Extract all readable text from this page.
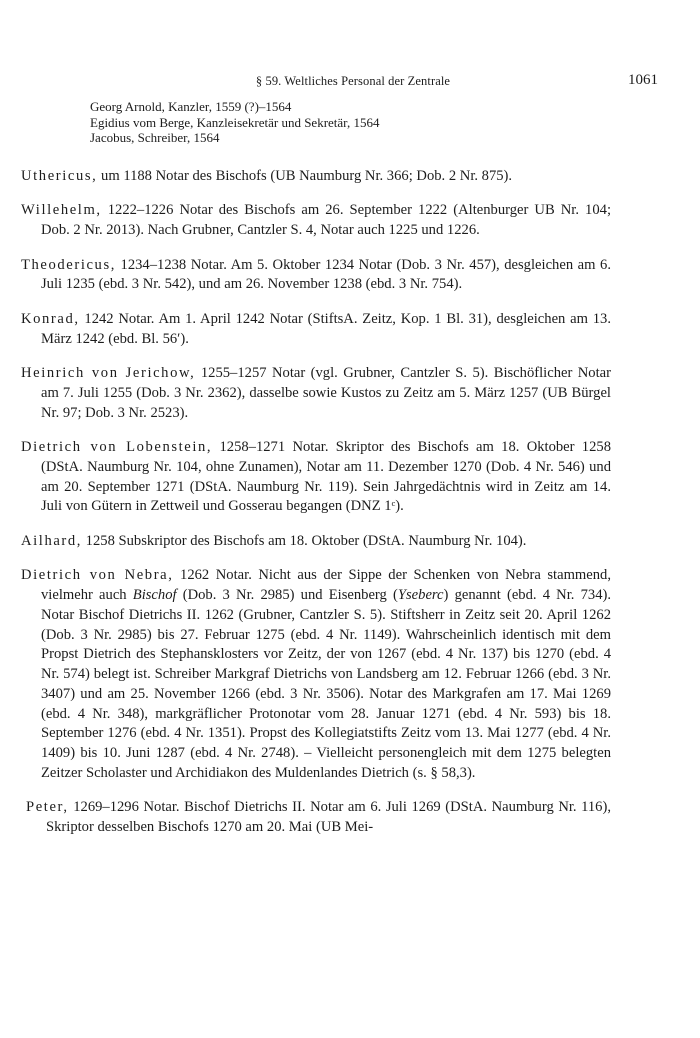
§ 59. Weltliches Personal der Zentrale	1061
Georg Arnold, Kanzler, 1559 (?)–1564
Egidius vom Berge, Kanzleisekretär und Sekretär, 1564
Jacobus, Schreiber, 1564

Uthericus, um 1188 Notar des Bischofs (UB Naumburg Nr. 366; Dob. 2 Nr. 875).

Willehelm, 1222–1226 Notar des Bischofs am 26. September 1222 (Altenburger UB Nr. 104; Dob. 2 Nr. 2013). Nach Grubner, Cantzler S. 4, Notar auch 1225 und 1226.

Theodericus, 1234–1238 Notar. Am 5. Oktober 1234 Notar (Dob. 3 Nr. 457), desgleichen am 6. Juli 1235 (ebd. 3 Nr. 542), und am 26. November 1238 (ebd. 3 Nr. 754).

Konrad, 1242 Notar. Am 1. April 1242 Notar (StiftsA. Zeitz, Kop. 1 Bl. 31), desgleichen am 13. März 1242 (ebd. Bl. 56′).

Heinrich von Jerichow, 1255–1257 Notar (vgl. Grubner, Cantzler S. 5). Bischöflicher Notar am 7. Juli 1255 (Dob. 3 Nr. 2362), dasselbe sowie Kustos zu Zeitz am 5. März 1257 (UB Bürgel Nr. 97; Dob. 3 Nr. 2523).

Dietrich von Lobenstein, 1258–1271 Notar. Skriptor des Bischofs am 18. Oktober 1258 (DStA. Naumburg Nr. 104, ohne Zunamen), Notar am 11. Dezember 1270 (Dob. 4 Nr. 546) und am 20. September 1271 (DStA. Naumburg Nr. 119). Sein Jahrgedächtnis wird in Zeitz am 14. Juli von Gütern in Zettweil und Gosserau begangen (DNZ 1ᶜ).

Ailhard, 1258 Subskriptor des Bischofs am 18. Oktober (DStA. Naumburg Nr. 104).

Dietrich von Nebra, 1262 Notar. Nicht aus der Sippe der Schenken von Nebra stammend, vielmehr auch Bischof (Dob. 3 Nr. 2985) und Eisenberg (Yseberc) genannt (ebd. 4 Nr. 734). Notar Bischof Dietrichs II. 1262 (Grubner, Cantzler S. 5). Stiftsherr in Zeitz seit 20. April 1262 (Dob. 3 Nr. 2985) bis 27. Februar 1275 (ebd. 4 Nr. 1149). Wahrscheinlich identisch mit dem Propst Dietrich des Stephansklosters vor Zeitz, der von 1267 (ebd. 4 Nr. 137) bis 1270 (ebd. 4 Nr. 574) belegt ist. Schreiber Markgraf Dietrichs von Landsberg am 12. Februar 1266 (ebd. 3 Nr. 3407) und am 25. November 1266 (ebd. 3 Nr. 3506). Notar des Markgrafen am 17. Mai 1269 (ebd. 4 Nr. 348), markgräflicher Protonotar vom 28. Januar 1271 (ebd. 4 Nr. 593) bis 18. September 1276 (ebd. 4 Nr. 1351). Propst des Kollegiatstifts Zeitz vom 13. Mai 1277 (ebd. 4 Nr. 1409) bis 10. Juni 1287 (ebd. 4 Nr. 2748). – Vielleicht personengleich mit dem 1275 belegten Zeitzer Scholaster und Archidiakon des Muldenlandes Dietrich (s. § 58,3).

Peter, 1269–1296 Notar. Bischof Dietrichs II. Notar am 6. Juli 1269 (DStA. Naumburg Nr. 116), Skriptor desselben Bischofs 1270 am 20. Mai (UB Mei-
